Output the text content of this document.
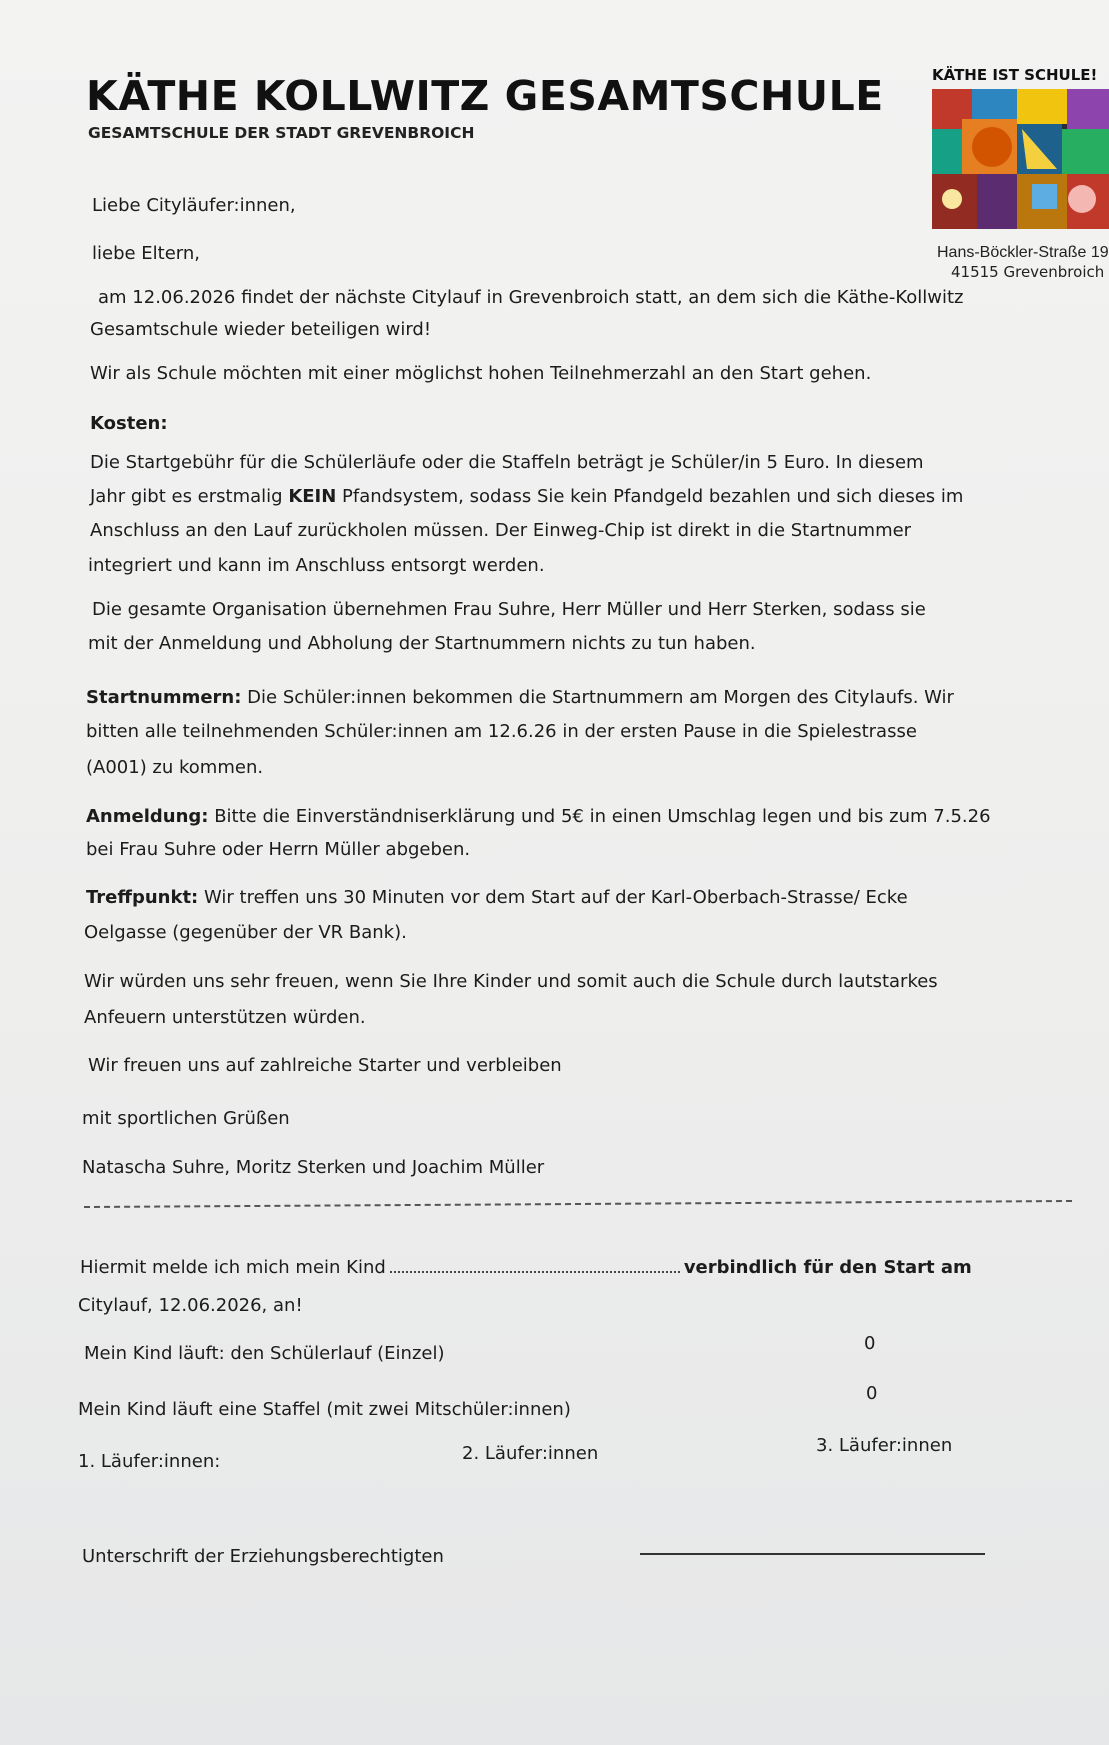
KÄTHE KOLLWITZ GESAMTSCHULE
GESAMTSCHULE DER STADT GREVENBROICH
KÄTHE IST SCHULE!
Hans-Böckler-Straße 19
41515 Grevenbroich
Liebe Cityläufer:innen,
liebe Eltern,
am 12.06.2026 findet der nächste Citylauf in Grevenbroich statt, an dem sich die Käthe-Kollwitz
Gesamtschule wieder beteiligen wird!
Wir als Schule möchten mit einer möglichst hohen Teilnehmerzahl an den Start gehen.
Kosten:
Die Startgebühr für die Schülerläufe oder die Staffeln beträgt je Schüler/in 5 Euro. In diesem
Jahr gibt es erstmalig KEIN Pfandsystem, sodass Sie kein Pfandgeld bezahlen und sich dieses im
Anschluss an den Lauf zurückholen müssen. Der Einweg-Chip ist direkt in die Startnummer
integriert und kann im Anschluss entsorgt werden.
Die gesamte Organisation übernehmen Frau Suhre, Herr Müller und Herr Sterken, sodass sie
mit der Anmeldung und Abholung der Startnummern nichts zu tun haben.
Startnummern: Die Schüler:innen bekommen die Startnummern am Morgen des Citylaufs. Wir
bitten alle teilnehmenden Schüler:innen am 12.6.26 in der ersten Pause in die Spielestrasse
(A001) zu kommen.
Anmeldung: Bitte die Einverständniserklärung und 5€ in einen Umschlag legen und bis zum 7.5.26
bei Frau Suhre oder Herrn Müller abgeben.
Treffpunkt: Wir treffen uns 30 Minuten vor dem Start auf der Karl-Oberbach-Strasse/ Ecke
Oelgasse (gegenüber der VR Bank).
Wir würden uns sehr freuen, wenn Sie Ihre Kinder und somit auch die Schule durch lautstarkes
Anfeuern unterstützen würden.
Wir freuen uns auf zahlreiche Starter und verbleiben
mit sportlichen Grüßen
Natascha Suhre, Moritz Sterken und Joachim Müller
Hiermit melde ich mich mein Kind	verbindlich für den Start am
Citylauf, 12.06.2026, an!
Mein Kind läuft: den Schülerlauf (Einzel)	0
Mein Kind läuft eine Staffel (mit zwei Mitschüler:innen)
0
1. Läufer:innen:	2. Läufer:innen	3. Läufer:innen
Unterschrift der Erziehungsberechtigten
